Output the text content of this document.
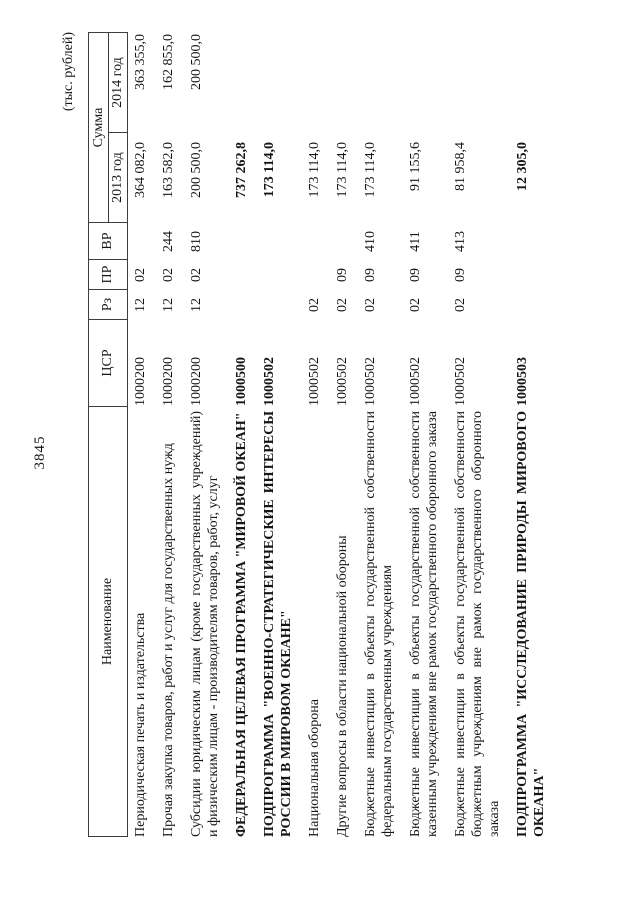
3845
(тыс. рублей)
Наименование
ЦСР
Рз
ПР
ВР
Сумма
2013 год
2014 год
Периодическая печать и издательства
1000200
12
02
364 082,0
363 355,0
Прочая закупка товаров, работ и услуг для государственных нужд
1000200
12
02
244
163 582,0
162 855,0
Субсидии юридическим лицам (кроме государственных учреждений) и физическим лицам - производителям товаров, работ, услуг
1000200
12
02
810
200 500,0
200 500,0
ФЕДЕРАЛЬНАЯ ЦЕЛЕВАЯ ПРОГРАММА "МИРОВОЙ ОКЕАН"
1000500
737 262,8
ПОДПРОГРАММА "ВОЕННО-СТРАТЕГИЧЕСКИЕ ИНТЕРЕСЫ РОССИИ В МИРОВОМ ОКЕАНЕ"
1000502
173 114,0
Национальная оборона
1000502
02
173 114,0
Другие вопросы в области национальной обороны
1000502
02
09
173 114,0
Бюджетные инвестиции в объекты государственной собственности федеральным государственным учреждениям
1000502
02
09
410
173 114,0
Бюджетные инвестиции в объекты государственной собственности казенным учреждениям вне рамок государственного оборонного заказа
1000502
02
09
411
91 155,6
Бюджетные инвестиции в объекты государственной собственности бюджетным учреждениям вне рамок государственного оборонного заказа
1000502
02
09
413
81 958,4
ПОДПРОГРАММА "ИССЛЕДОВАНИЕ ПРИРОДЫ МИРОВОГО ОКЕАНА"
1000503
12 305,0
